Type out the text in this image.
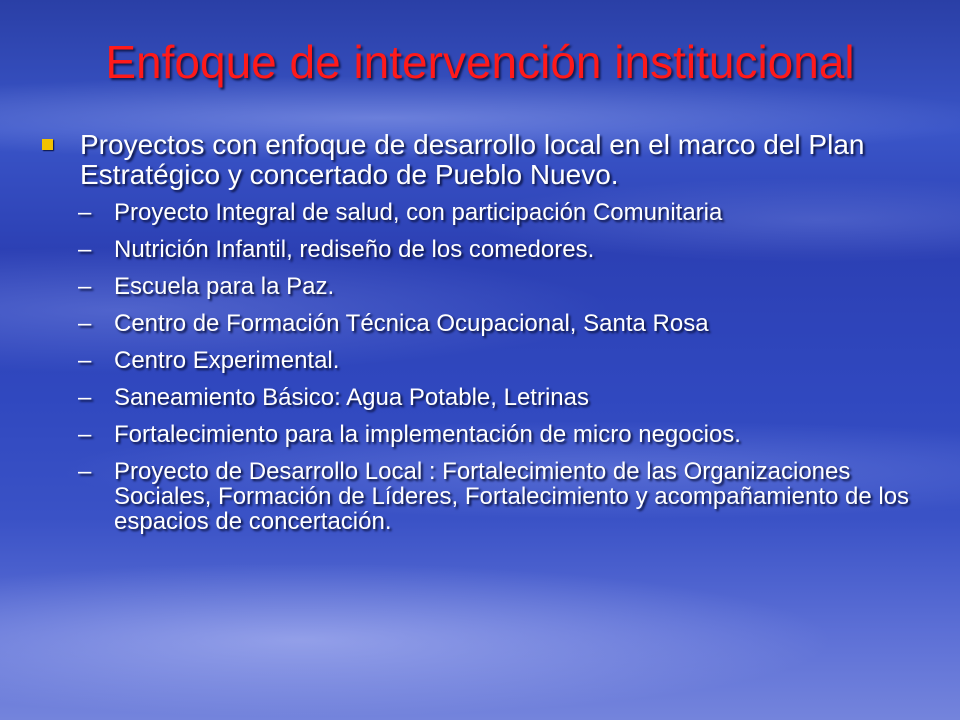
Enfoque de intervención institucional
Proyectos con enfoque de desarrollo local en el marco del Plan Estratégico y concertado de Pueblo Nuevo.
– Proyecto Integral de salud, con participación Comunitaria
– Nutrición Infantil, rediseño de los comedores.
– Escuela para la Paz.
– Centro de Formación Técnica Ocupacional, Santa Rosa
– Centro Experimental.
– Saneamiento Básico: Agua Potable, Letrinas
– Fortalecimiento para la implementación de micro negocios.
– Proyecto de Desarrollo Local : Fortalecimiento de las Organizaciones Sociales, Formación de Líderes, Fortalecimiento y acompañamiento de los espacios de concertación.
